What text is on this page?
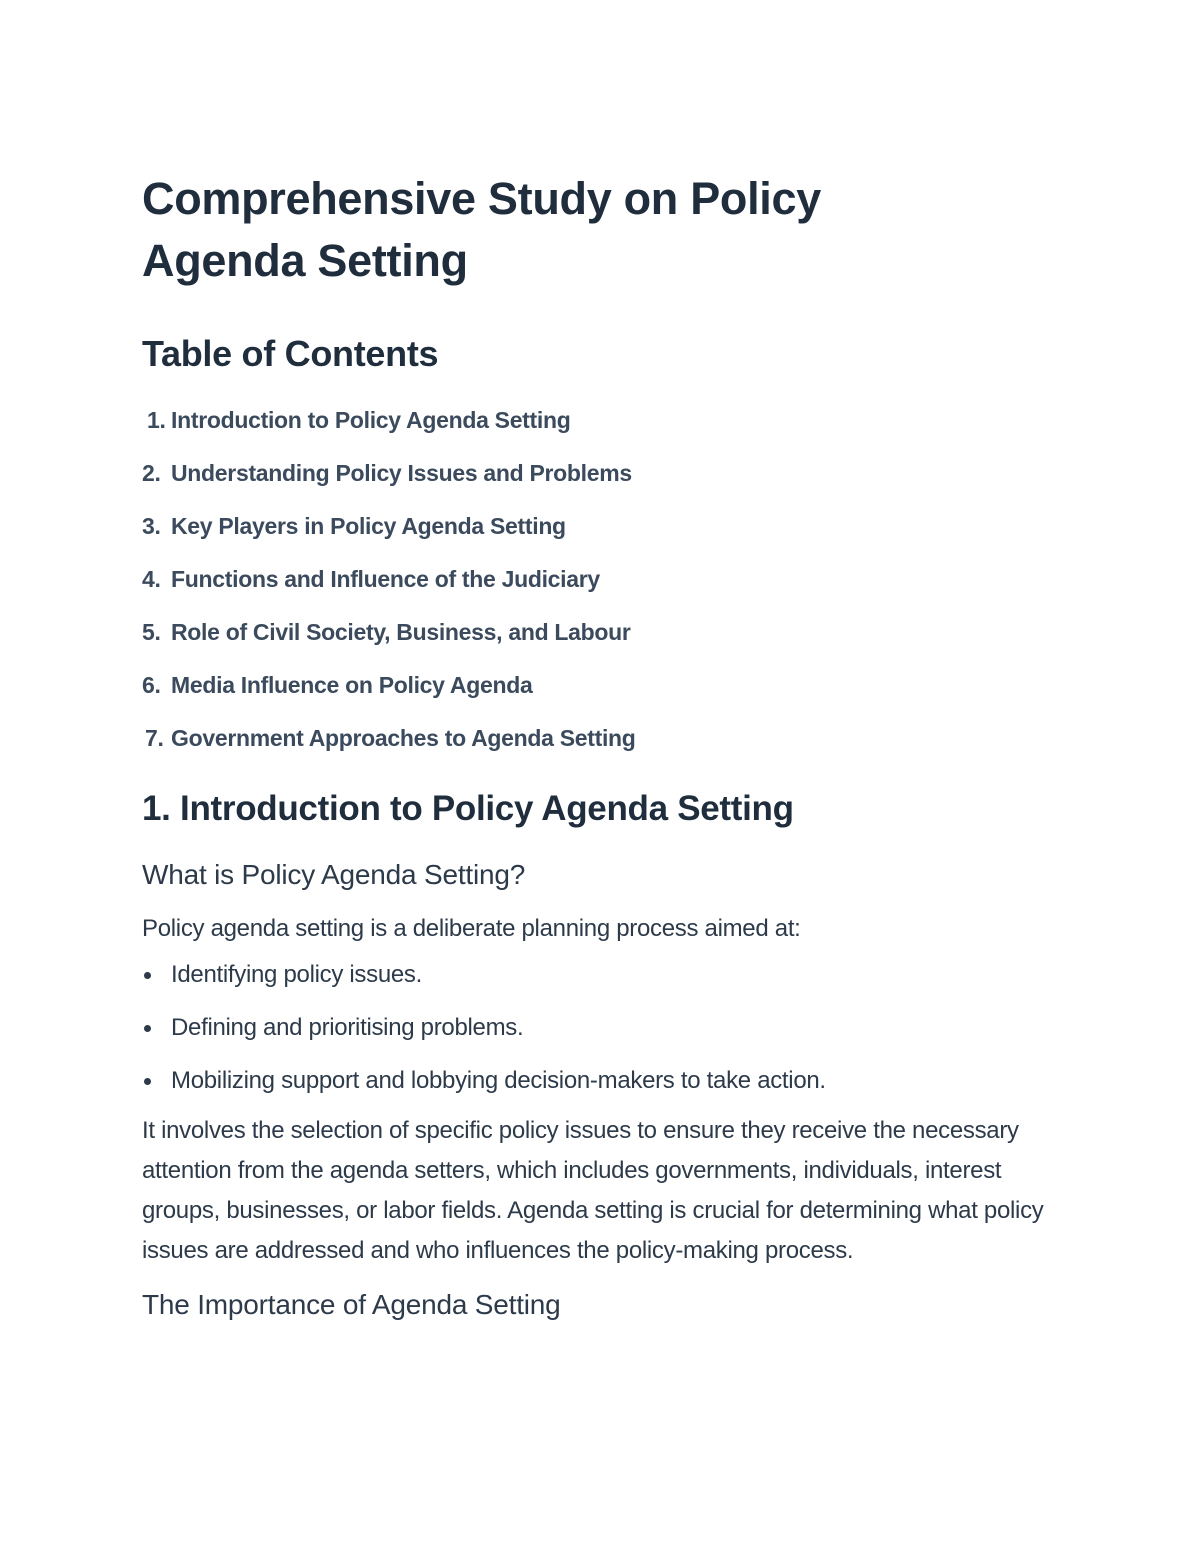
Comprehensive Study on Policy
Agenda Setting
Table of Contents
1. Introduction to Policy Agenda Setting
2. Understanding Policy Issues and Problems
3. Key Players in Policy Agenda Setting
4. Functions and Influence of the Judiciary
5. Role of Civil Society, Business, and Labour
6. Media Influence on Policy Agenda
7. Government Approaches to Agenda Setting
1. Introduction to Policy Agenda Setting
What is Policy Agenda Setting?

Policy agenda setting is a deliberate planning process aimed at:

Identifying policy issues.
Defining and prioritising problems.
Mobilizing support and lobbying decision-makers to take action.

It involves the selection of specific policy issues to ensure they receive the necessary attention from the agenda setters, which includes governments, individuals, interest groups, businesses, or labor fields. Agenda setting is crucial for determining what policy issues are addressed and who influences the policy-making process.

The Importance of Agenda Setting
